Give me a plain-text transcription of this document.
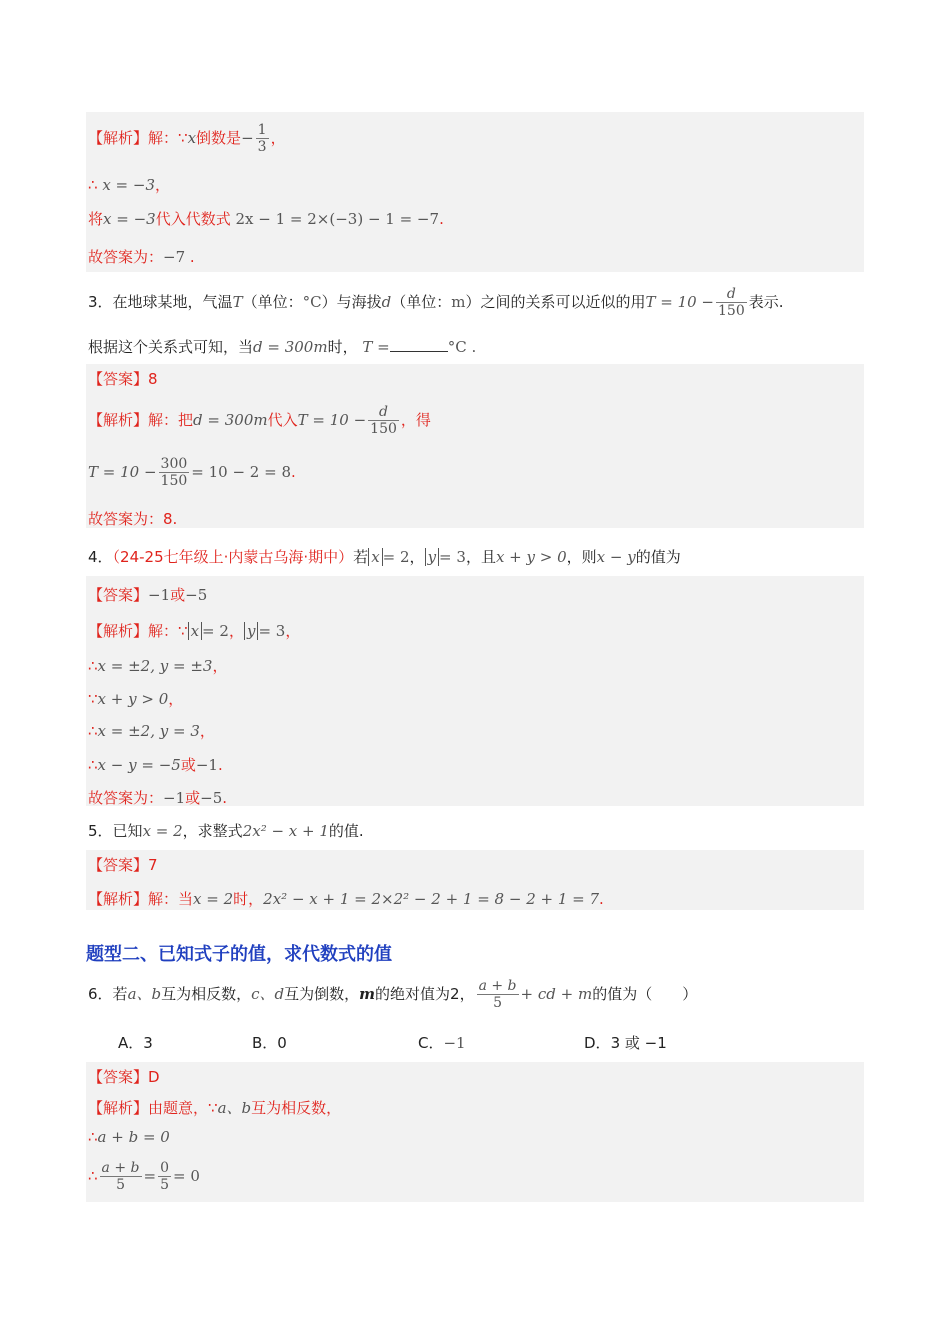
【解析】解：∵x倒数是− $\frac{1}{3}$ ，
∴ x = −3，
将x = −3代入代数式 2x − 1 = 2×(−3) − 1 = −7.
故答案为：−7 .
3．在地球某地，气温T（单位：°C）与海拔d（单位：m）之间的关系可以近似的用$T = 10 - \frac{d}{150}$ 表示.
根据这个关系式可知，当d = 300m时， T =	°C .
【答案】8
【解析】解：把d = 300m代入$T = 10 - \frac{d}{150}$ ，得
$T = 10 - \frac{300}{150} = 10 - 2 = 8$.
故答案为：8.
4．（24-25七年级上·内蒙古乌海·期中）若 x = 2， y = 3，且x + y > 0，则x − y的值为
【答案】−1或−5
【解析】解：∵ x = 2， y = 3，
∴x = ±2, y = ±3，
∵x + y > 0，
∴x = ±2, y = 3，
∴x − y = −5或−1.
故答案为：−1或−5.
5．已知x = 2，求整式2x² − x + 1的值.
【答案】7
【解析】解：当x = 2时，2x² − x + 1 = 2×2² − 2 + 1 = 8 − 2 + 1 = 7.
题型二、已知式子的值，求代数式的值
6．若a、b互为相反数，c、d互为倒数，m的绝对值为2， $\frac{a + b}{5}$ + cd + m的值为（　　）
A．3	B．0	C．−1	D．3 或 −1
【答案】D
【解析】由题意，∵a、b互为相反数，
∴a + b = 0
∴ $\frac{a + b}{5} = \frac{0}{5} = 0$
